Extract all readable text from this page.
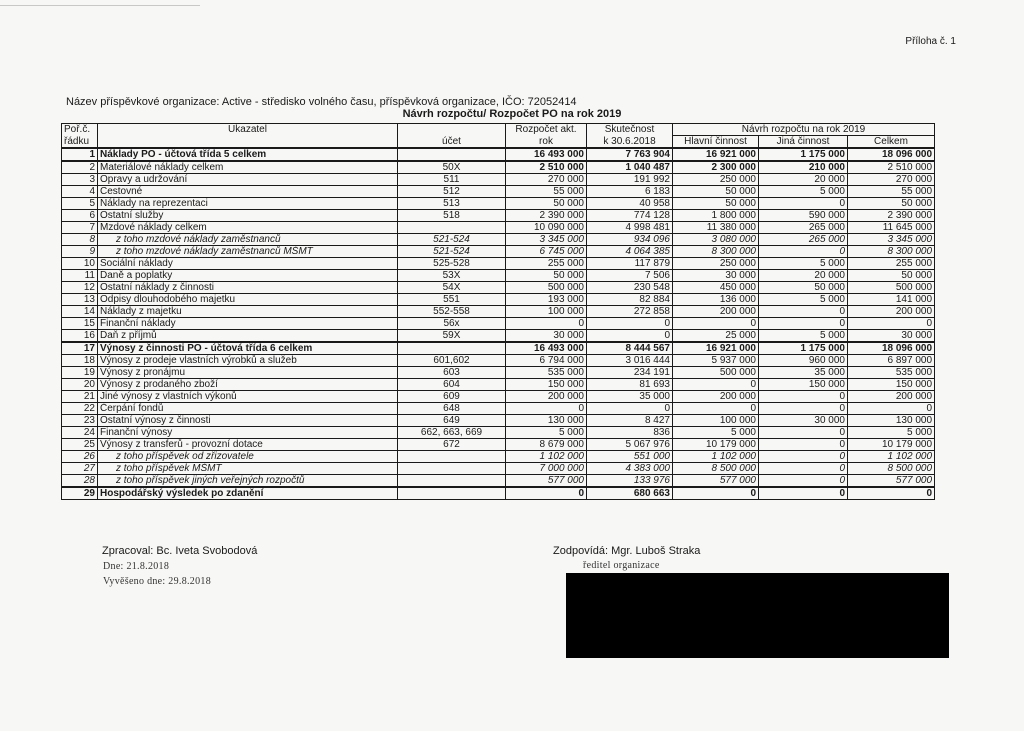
Příloha č. 1
Název příspěvkové organizace: Active - středisko volného času, příspěvková organizace, IČO: 72052414
Návrh rozpočtu/ Rozpočet PO na rok 2019
Poř.č.	Ukazatel		Rozpočet akt.	Skutečnost	Návrh rozpočtu na rok 2019		
řádku		účet	rok	k 30.6.2018	Hlavní činnost	Jiná činnost	Celkem
1	Náklady PO - účtová třída 5 celkem		16 493 000	7 763 904	16 921 000	1 175 000	18 096 000
2	Materiálové náklady celkem	50X	2 510 000	1 040 487	2 300 000	210 000	2 510 000
3	Opravy a udržování	511	270 000	191 992	250 000	20 000	270 000
4	Cestovné	512	55 000	6 183	50 000	5 000	55 000
5	Náklady na reprezentaci	513	50 000	40 958	50 000	0	50 000
6	Ostatní služby	518	2 390 000	774 128	1 800 000	590 000	2 390 000
7	Mzdové náklady celkem		10 090 000	4 998 481	11 380 000	265 000	11 645 000
8	z toho mzdové náklady zaměstnanců	521-524	3 345 000	934 096	3 080 000	265 000	3 345 000
9	z toho mzdové náklady zaměstnanců MŠMT	521-524	6 745 000	4 064 385	8 300 000	0	8 300 000
10	Sociální náklady	525-528	255 000	117 879	250 000	5 000	255 000
11	Daně a poplatky	53X	50 000	7 506	30 000	20 000	50 000
12	Ostatní náklady z činnosti	54X	500 000	230 548	450 000	50 000	500 000
13	Odpisy dlouhodobého majetku	551	193 000	82 884	136 000	5 000	141 000
14	Náklady z majetku	552-558	100 000	272 858	200 000	0	200 000
15	Finanční náklady	56x	0	0	0	0	0
16	Daň z příjmů	59X	30 000	0	25 000	5 000	30 000
17	Výnosy z činnosti PO - účtová třída 6 celkem		16 493 000	8 444 567	16 921 000	1 175 000	18 096 000
18	Výnosy z prodeje vlastních výrobků a služeb	601,602	6 794 000	3 016 444	5 937 000	960 000	6 897 000
19	Výnosy z pronájmu	603	535 000	234 191	500 000	35 000	535 000
20	Výnosy z prodaného zboží	604	150 000	81 693	0	150 000	150 000
21	Jiné výnosy z vlastních výkonů	609	200 000	35 000	200 000	0	200 000
22	Čerpání fondů	648	0	0	0	0	0
23	Ostatní výnosy z činnosti	649	130 000	8 427	100 000	30 000	130 000
24	Finanční výnosy	662, 663, 669	5 000	836	5 000	0	5 000
25	Výnosy z transferů - provozní dotace	672	8 679 000	5 067 976	10 179 000	0	10 179 000
26	z toho příspěvek od zřizovatele		1 102 000	551 000	1 102 000	0	1 102 000
27	z toho příspěvek MŠMT		7 000 000	4 383 000	8 500 000	0	8 500 000
28	z toho příspěvek jiných veřejných rozpočtů		577 000	133 976	577 000	0	577 000
29	Hospodářský výsledek po zdanění		0	680 663	0	0	0
Zpracoval: Bc. Iveta Svobodová
Dne: 21.8.2018
Vyvěšeno dne: 29.8.2018
Zodpovídá: Mgr. Luboš Straka
ředitel organizace
